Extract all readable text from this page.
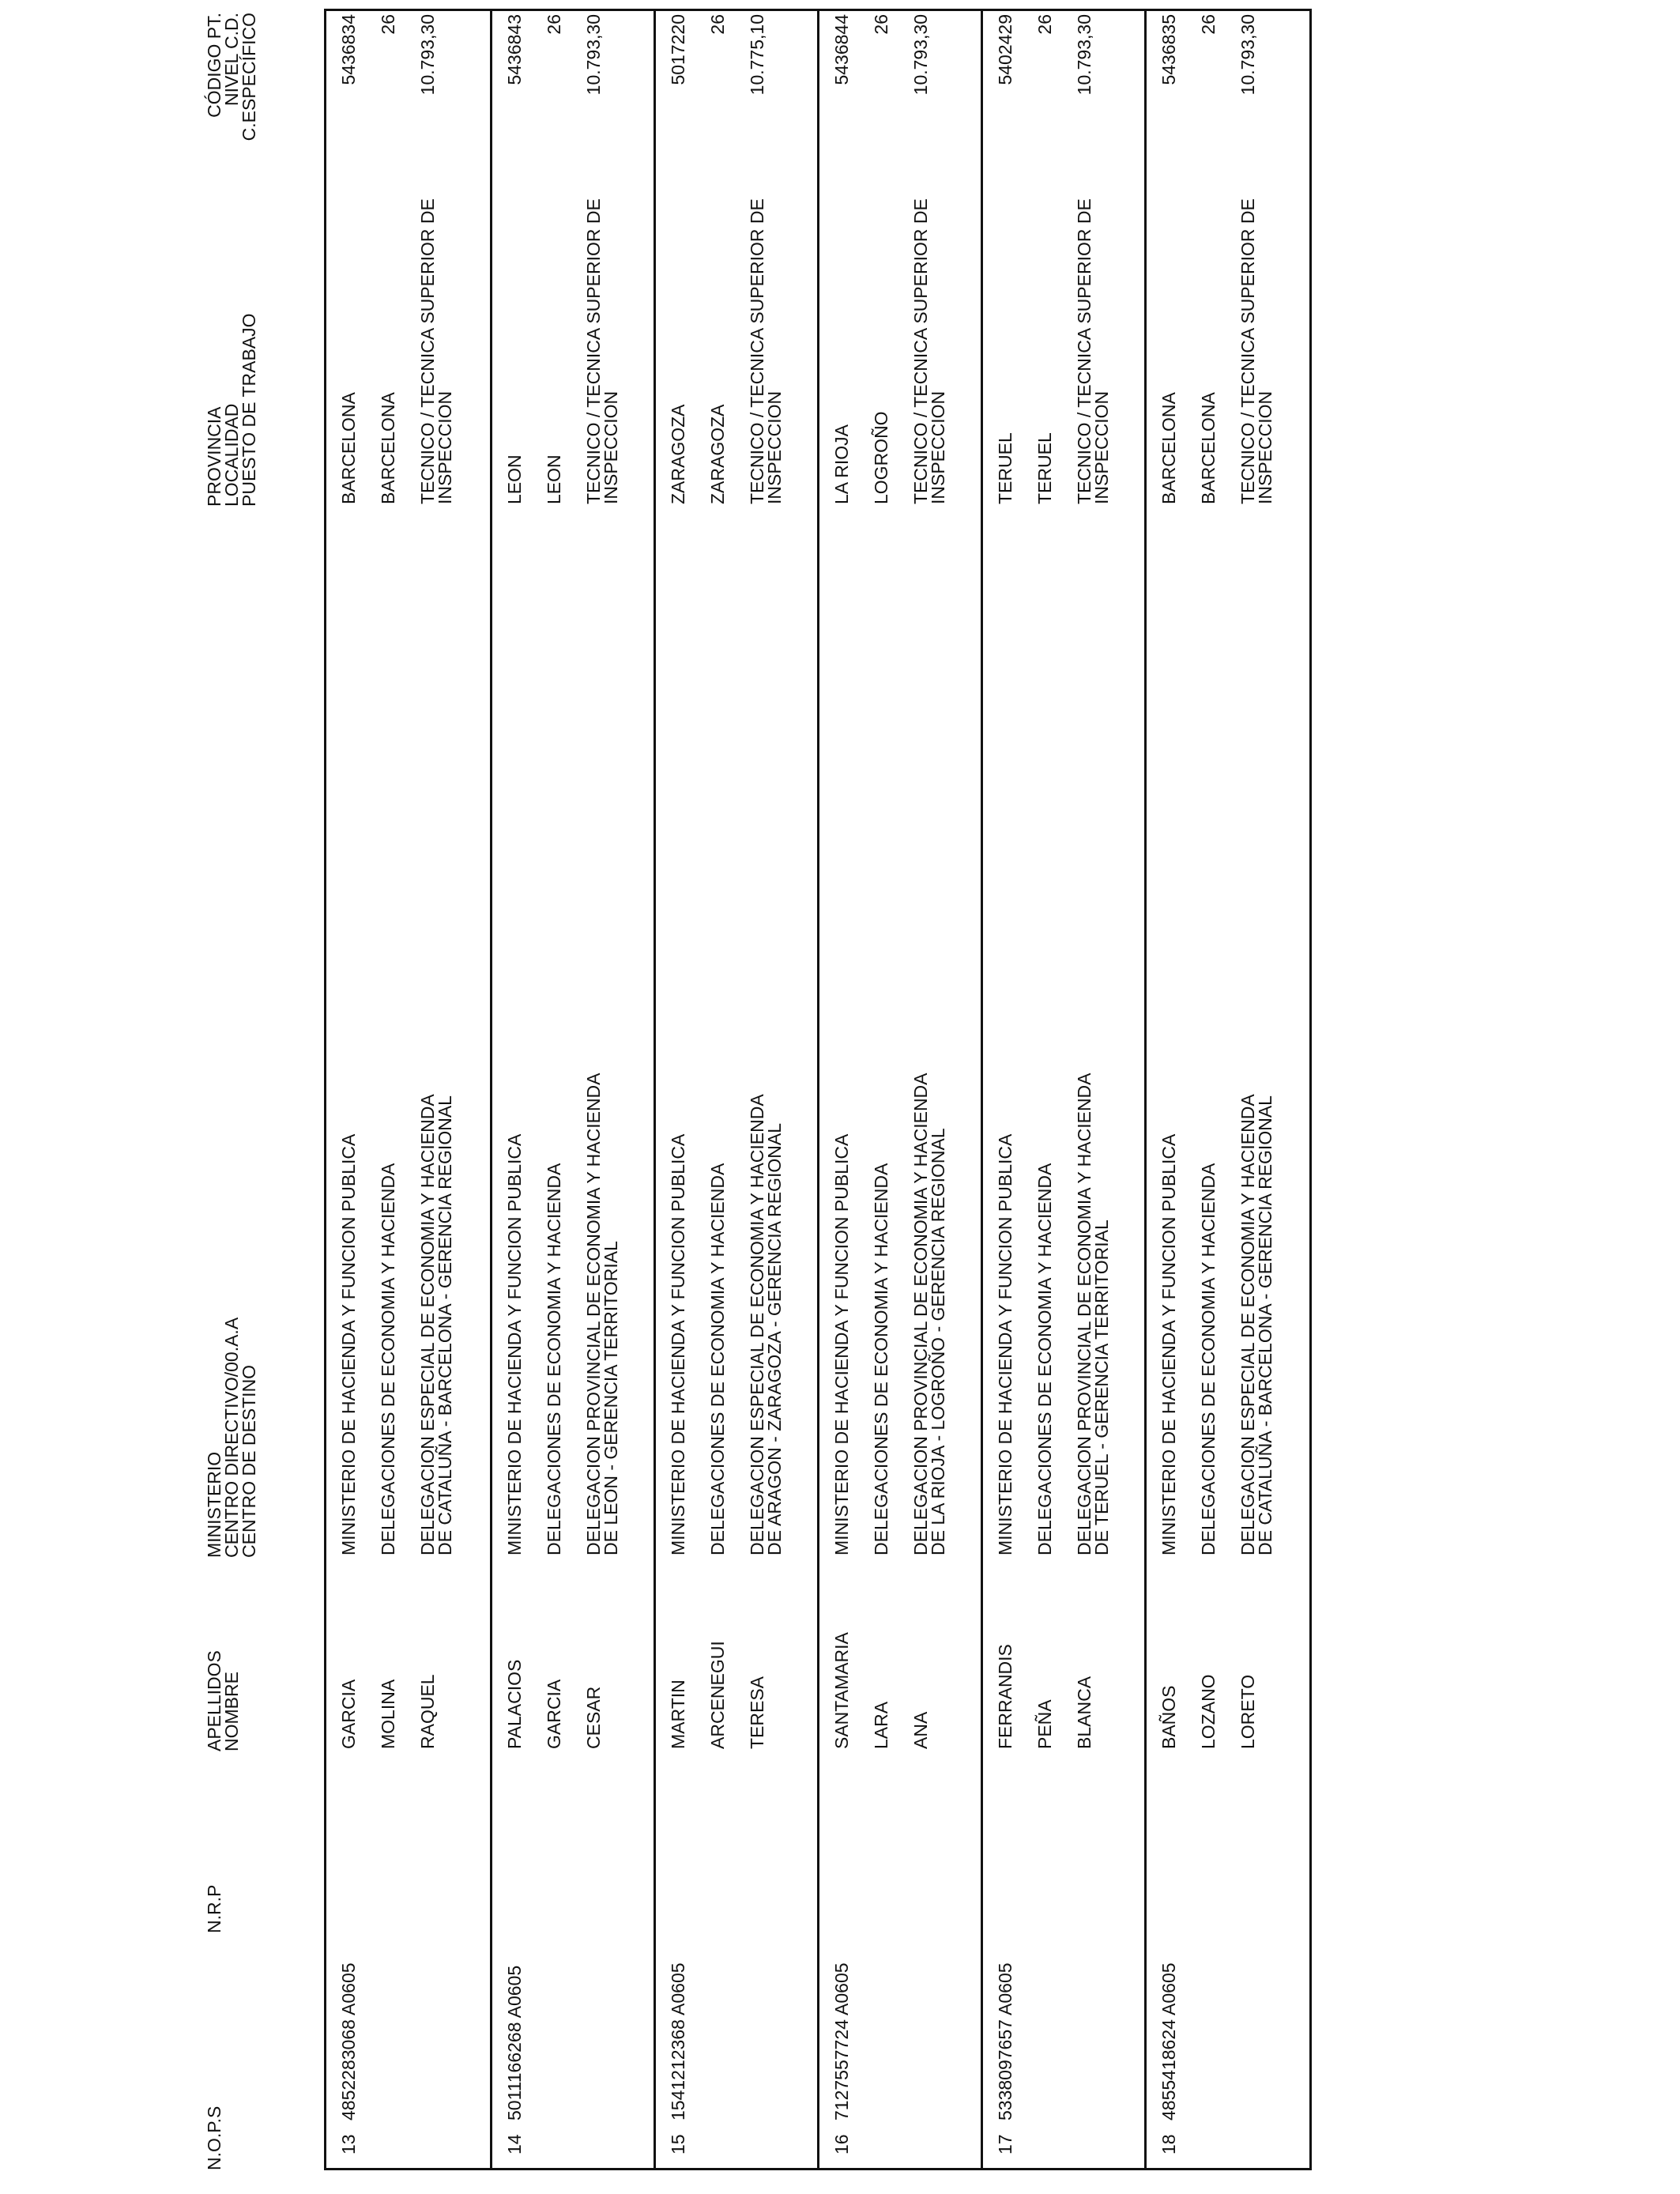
N.O.P.S
N.R.P
APELLIDOS
NOMBRE
MINISTERIO
CENTRO DIRECTIVO/00.A.A
CENTRO DE DESTINO
PROVINCIA
LOCALIDAD
PUESTO DE TRABAJO
CÓDIGO PT.
NIVEL C.D.
C.ESPECÍFICO
13
4852283068 A0605
GARCIA MOLINA RAQUEL
MINISTERIO DE HACIENDA Y FUNCION PUBLICA DELEGACIONES DE ECONOMIA Y HACIENDA DELEGACION ESPECIAL DE ECONOMIA Y HACIENDA DE CATALUÑA - BARCELONA - GERENCIA REGIONAL
BARCELONA BARCELONA TECNICO / TECNICA SUPERIOR DE INSPECCION
5436834 26 10.793,30
14
5011166268 A0605
PALACIOS GARCIA CESAR
MINISTERIO DE HACIENDA Y FUNCION PUBLICA DELEGACIONES DE ECONOMIA Y HACIENDA DELEGACION PROVINCIAL DE ECONOMIA Y HACIENDA DE LEON - GERENCIA TERRITORIAL
LEON LEON TECNICO / TECNICA SUPERIOR DE INSPECCION
5436843 26 10.793,30
15
1541212368 A0605
MARTIN ARCENEGUI TERESA
MINISTERIO DE HACIENDA Y FUNCION PUBLICA DELEGACIONES DE ECONOMIA Y HACIENDA DELEGACION ESPECIAL DE ECONOMIA Y HACIENDA DE ARAGON - ZARAGOZA - GERENCIA REGIONAL
ZARAGOZA ZARAGOZA TECNICO / TECNICA SUPERIOR DE INSPECCION
5017220 26 10.775,10
16
7127557724 A0605
SANTAMARIA LARA ANA
MINISTERIO DE HACIENDA Y FUNCION PUBLICA DELEGACIONES DE ECONOMIA Y HACIENDA DELEGACION PROVINCIAL DE ECONOMIA Y HACIENDA DE LA RIOJA - LOGROÑO - GERENCIA REGIONAL
LA RIOJA LOGROÑO TECNICO / TECNICA SUPERIOR DE INSPECCION
5436844 26 10.793,30
17
5338097657 A0605
FERRANDIS PEÑA BLANCA
MINISTERIO DE HACIENDA Y FUNCION PUBLICA DELEGACIONES DE ECONOMIA Y HACIENDA DELEGACION PROVINCIAL DE ECONOMIA Y HACIENDA DE TERUEL - GERENCIA TERRITORIAL
TERUEL TERUEL TECNICO / TECNICA SUPERIOR DE INSPECCION
5402429 26 10.793,30
18
4855418624 A0605
BAÑOS LOZANO LORETO
MINISTERIO DE HACIENDA Y FUNCION PUBLICA DELEGACIONES DE ECONOMIA Y HACIENDA DELEGACION ESPECIAL DE ECONOMIA Y HACIENDA DE CATALUÑA - BARCELONA - GERENCIA REGIONAL
BARCELONA BARCELONA TECNICO / TECNICA SUPERIOR DE INSPECCION
5436835 26 10.793,30
